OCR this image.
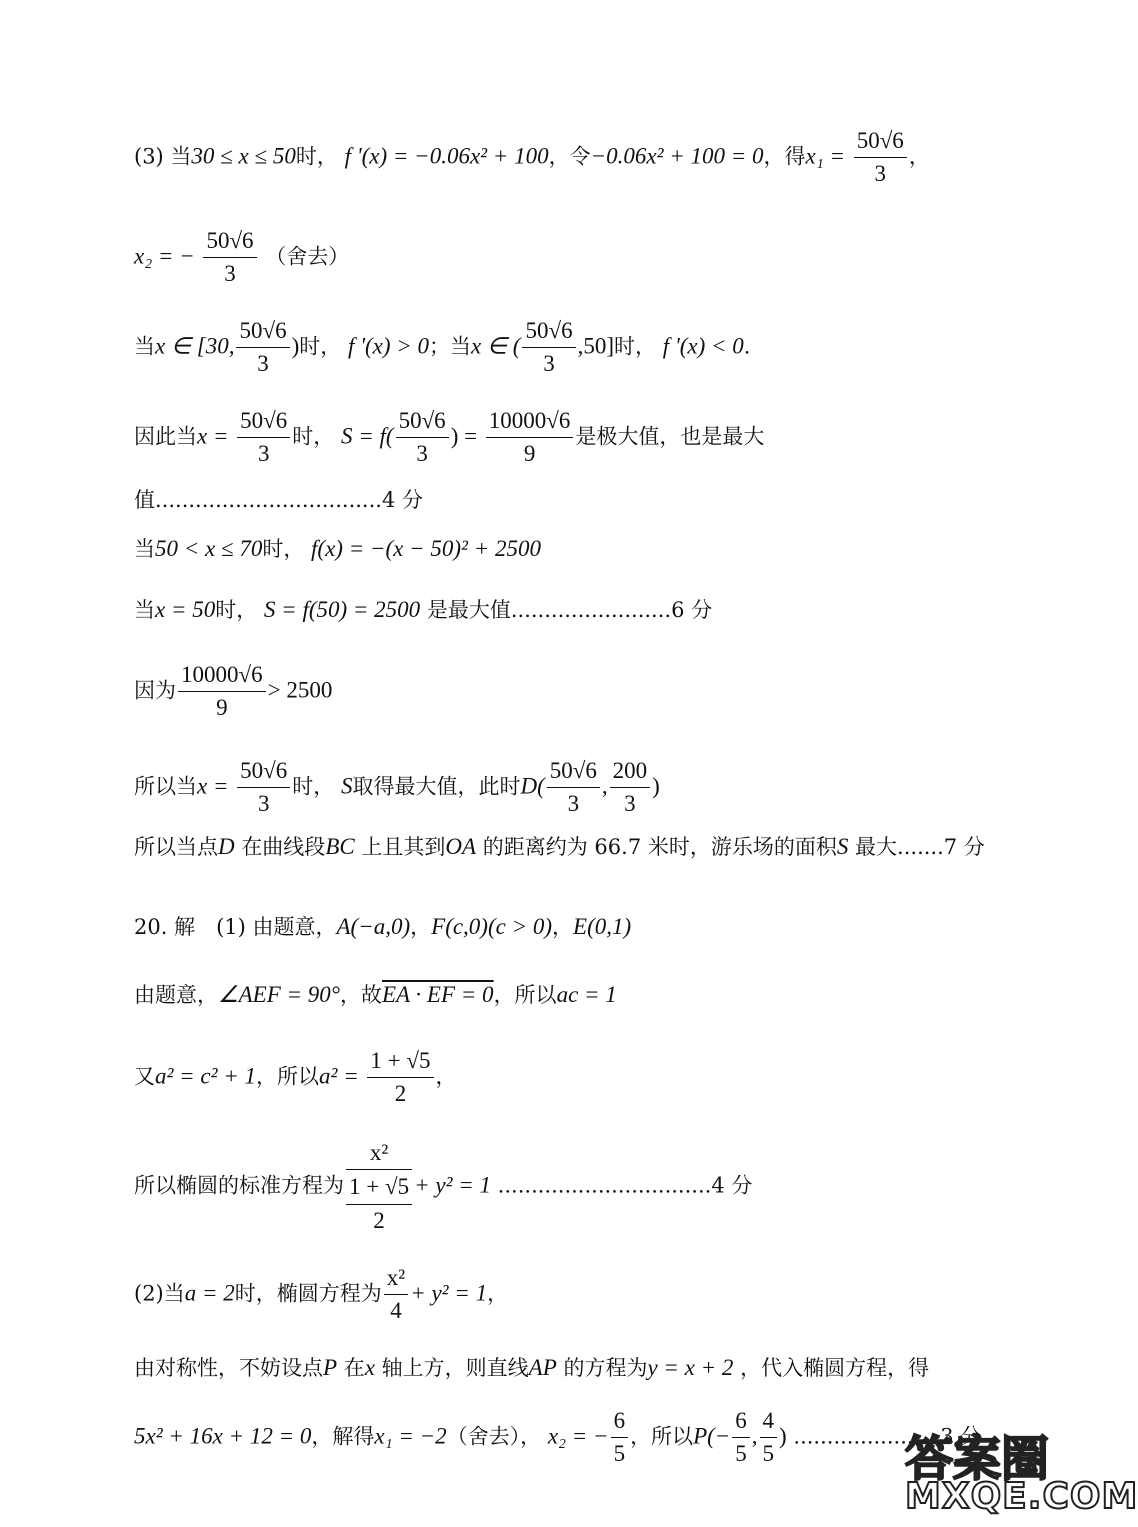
(3) 当30 ≤ x ≤ 50时， f '(x) = −0.06x² + 100，令−0.06x² + 100 = 0，得$x_1 = \frac{50√6}{3}$ ，
x₂ = − $\frac{50√6}{3}$ （舍去）
当x ∈ [30, $\frac{50√6}{3}$ )时， f '(x) > 0；当x ∈ ( $\frac{50√6}{3} ,50$]时， f '(x) < 0.
因此当$x = \frac{50√6}{3}$ 时， $S = f( \frac{50√6}{3}$ ) = $\frac{10000√6}{9}$ 是极大值，也是最大
值..................................4 分
当50 < x ≤ 70时， f(x) = −(x − 50)² + 2500
当x = 50时， S = f(50) = 2500 是最大值........................6 分
因为 $\frac{10000√6}{9} > 2500$
所以当$x = \frac{50√6}{3}$ 时， S取得最大值，此时$D( \frac{50√6}{3}$ , $\frac{200}{3}$ )
所以当点D 在曲线段BC 上且其到OA 的距离约为 66.7 米时，游乐场的面积S 最大.......7 分
20. 解　(1) 由题意，A(−a,0)，F(c,0)(c > 0)，E(0,1)
由题意，∠AEF = 90°，故EA · EF = 0，所以ac = 1
又a² = c² + 1，所以$a^2 = \frac{1 + √5}{2}$ ，
所以椭圆的标准方程为 $\frac{\text{x²}}{\frac{1 + √5}{2}} + y^2 = 1$ ................................4 分
(2)当a = 2时，椭圆方程为 $\frac{\text{x²}}{4} + y^2 = 1$，
由对称性，不妨设点P 在x 轴上方，则直线AP 的方程为y = x + 2 ，代入椭圆方程，得
5x² + 16x + 12 = 0，解得x₁ = −2（舍去）， x₂ = − $\frac{6}{5}$ ，所以$P(- \frac{6}{5}$ , $\frac{4}{5}$ ) ......................3 分
答案圈
MXQE.COM
